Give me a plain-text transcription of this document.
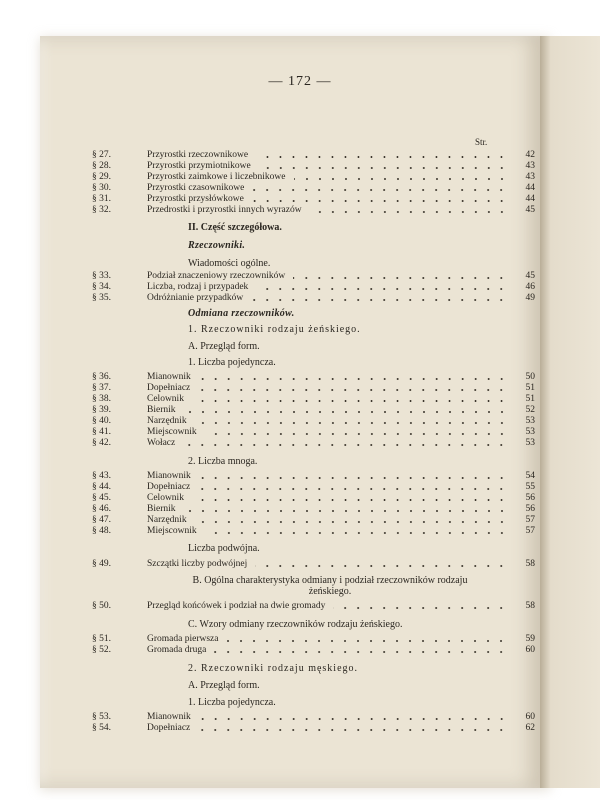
— 172 —
Str.
§ 27.	Przyrostki rzeczownikowe	42
§ 28.	Przyrostki przymiotnikowe	43
§ 29.	Przyrostki zaimkowe i liczebnikowe	43
§ 30.	Przyrostki czasownikowe	44
§ 31.	Przyrostki przysłówkowe	44
§ 32.	Przedrostki i przyrostki innych wyrazów	45
II. Część szczegółowa.
Rzeczowniki.
Wiadomości ogólne.
§ 33.	Podział znaczeniowy rzeczowników	45
§ 34.	Liczba, rodzaj i przypadek	46
§ 35.	Odróżnianie przypadków	49
Odmiana rzeczowników.
1. Rzeczowniki rodzaju żeńskiego.
A. Przegląd form.
1. Liczba pojedyncza.
§ 36.	Mianownik	50
§ 37.	Dopełniacz	51
§ 38.	Celownik	51
§ 39.	Biernik	52
§ 40.	Narzędnik	53
§ 41.	Miejscownik	53
§ 42.	Wołacz	53
2. Liczba mnoga.
§ 43.	Mianownik	54
§ 44.	Dopełniacz	55
§ 45.	Celownik	56
§ 46.	Biernik	56
§ 47.	Narzędnik	57
§ 48.	Miejscownik	57
Liczba podwójna.
§ 49.	Szczątki liczby podwójnej	58
B. Ogólna charakterystyka odmiany i podział rzeczowników rodzaju żeńskiego.
§ 50.	Przegląd końcówek i podział na dwie gromady	58
C. Wzory odmiany rzeczowników rodzaju żeńskiego.
§ 51.	Gromada pierwsza	59
§ 52.	Gromada druga	60
2. Rzeczowniki rodzaju męskiego.
A. Przegląd form.
1. Liczba pojedyncza.
§ 53.	Mianownik	60
§ 54.	Dopełniacz	62
